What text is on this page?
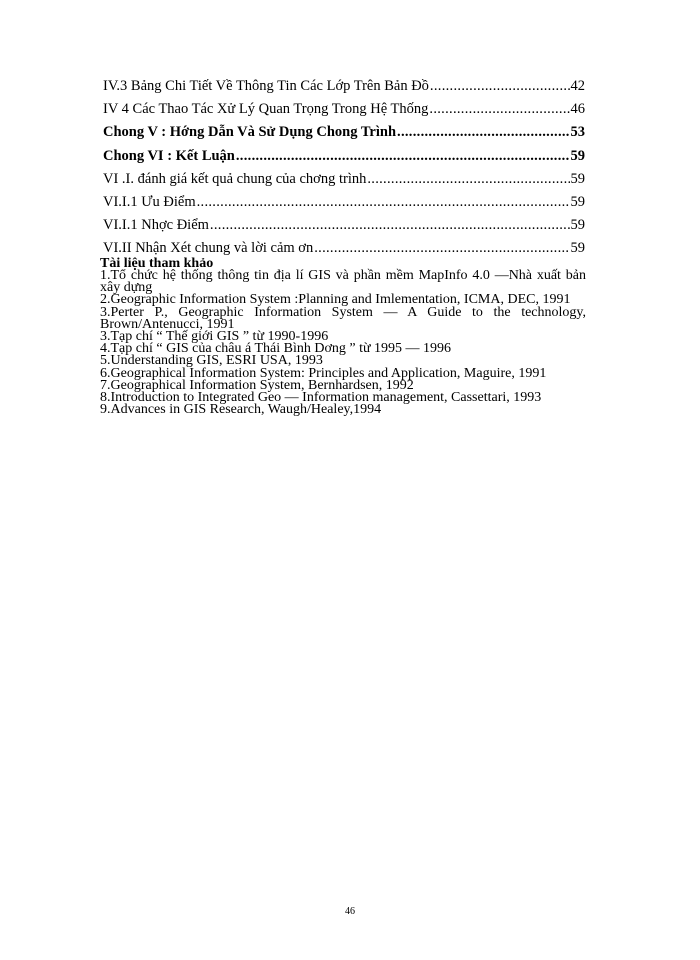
IV.3 Bảng Chi Tiết Về Thông Tin Các Lớp Trên Bản Đồ .....	42
IV 4 Các Thao Tác Xử Lý Quan Trọng Trong Hệ Thống .....	46
Chong V : Hớng Dẫn Và Sử Dụng Chong Trình .....	53
Chong VI : Kết Luận .....	59
VI .I. đánh giá kết quả chung của chơng trình .....	59
VI.I.1 Ưu Điểm .....	59
VI.I.1 Nhợc Điểm .....	59
VI.II Nhận Xét chung và lời cảm ơn .....	59
Tài liệu tham khảo
1.Tổ chức hệ thống thông tin địa lí GIS và phần mềm MapInfo 4.0 —Nhà xuất bản xây dựng
2.Geographic Information System :Planning and Imlementation, ICMA, DEC, 1991
3.Perter P., Geographic Information System — A Guide to the technology, Brown/Antenucci, 1991
3.Tạp chí “ Thế giới GIS ” từ 1990-1996
4.Tạp chí “ GIS của châu á Thái Bình Dơng ” từ 1995 — 1996
5.Understanding GIS, ESRI USA, 1993
6.Geographical Information System: Principles and Application, Maguire, 1991
7.Geographical Information System, Bernhardsen, 1992
8.Introduction to Integrated Geo — Information management, Cassettari, 1993
9.Advances in GIS Research, Waugh/Healey,1994
46
